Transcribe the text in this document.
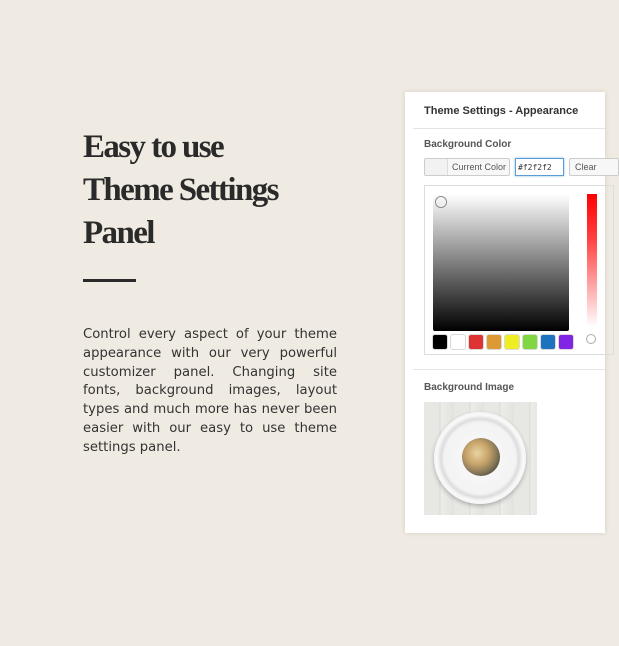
Easy to use
Theme Settings
Panel
Control every aspect of your theme appearance with our very powerful customizer panel. Changing site fonts, background images, layout types and much more has never been easier with our easy to use theme settings panel.
Theme Settings - Appearance
Background Color
Current Color
#f2f2f2	Clear
Background Image
